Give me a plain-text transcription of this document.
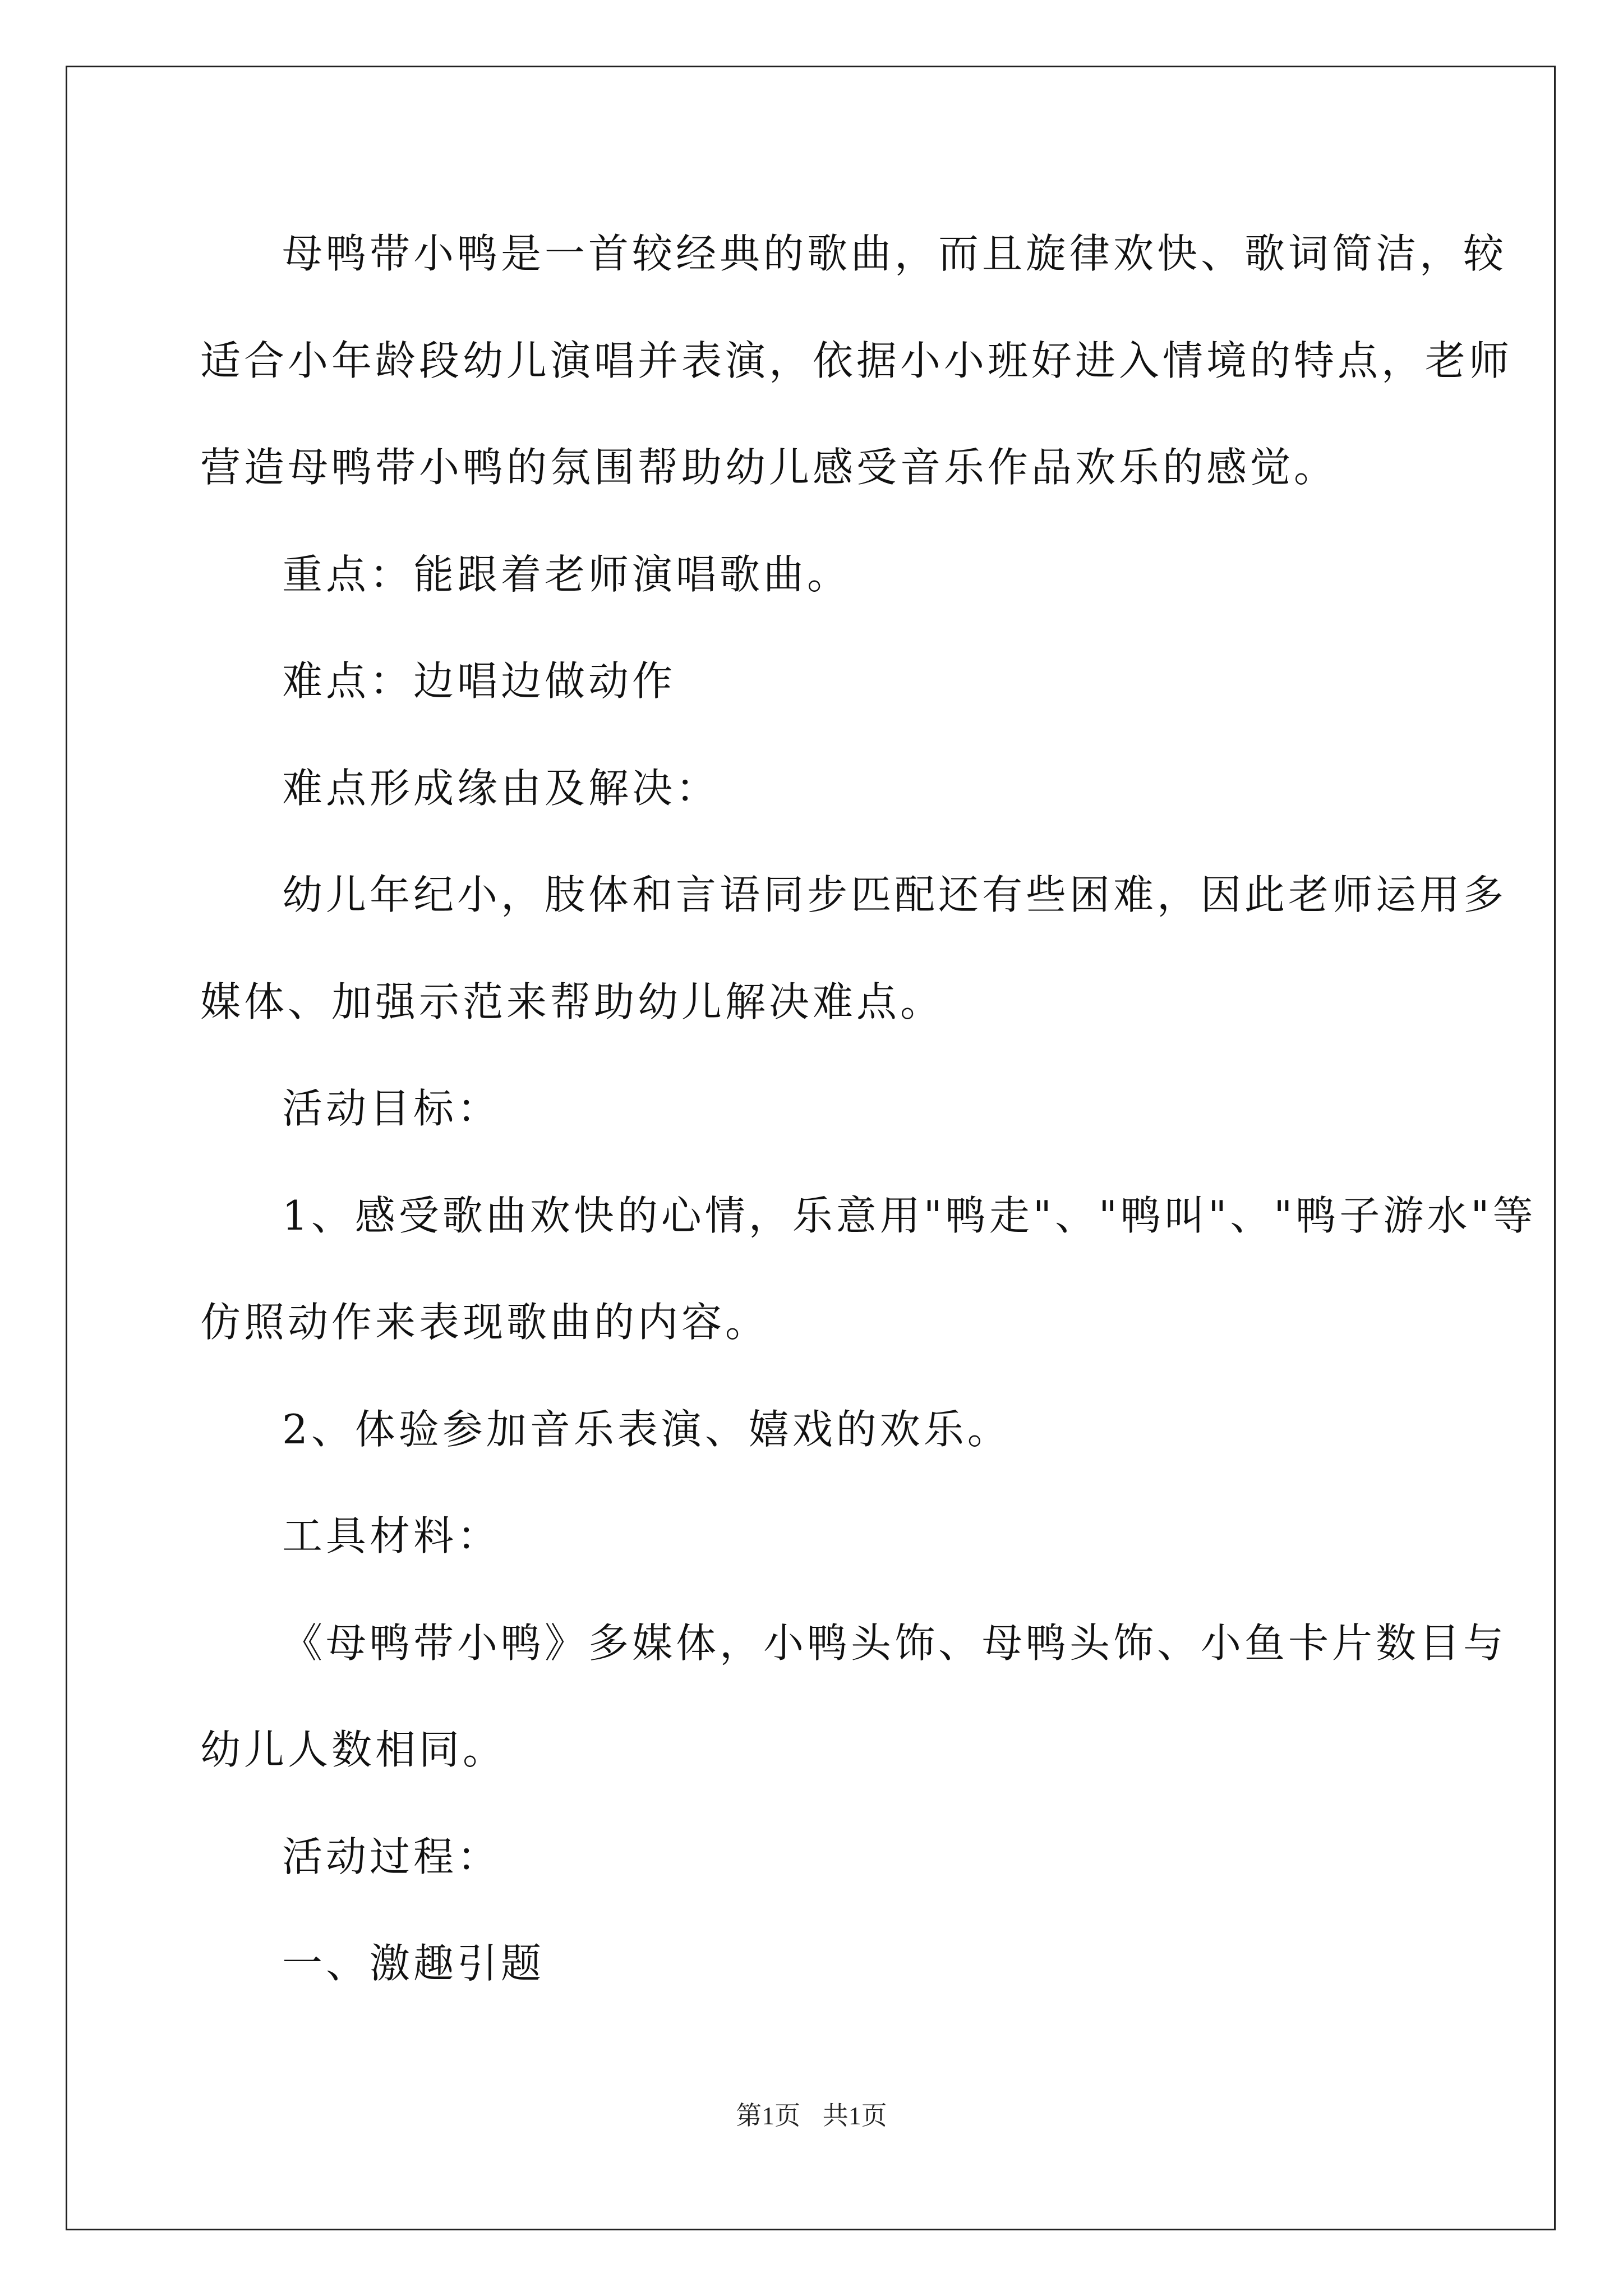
母鸭带小鸭是一首较经典的歌曲，而且旋律欢快、歌词简洁，较
适合小年龄段幼儿演唱并表演，依据小小班好进入情境的特点，老师
营造母鸭带小鸭的氛围帮助幼儿感受音乐作品欢乐的感觉。
重点：能跟着老师演唱歌曲。
难点：边唱边做动作
难点形成缘由及解决：
幼儿年纪小，肢体和言语同步匹配还有些困难，因此老师运用多
媒体、加强示范来帮助幼儿解决难点。
活动目标：
1、感受歌曲欢快的心情，乐意用"鸭走"、"鸭叫"、"鸭子游水"等
仿照动作来表现歌曲的内容。
2、体验参加音乐表演、嬉戏的欢乐。
工具材料：
《母鸭带小鸭》多媒体，小鸭头饰、母鸭头饰、小鱼卡片数目与
幼儿人数相同。
活动过程：
一、激趣引题
第1页 共1页
